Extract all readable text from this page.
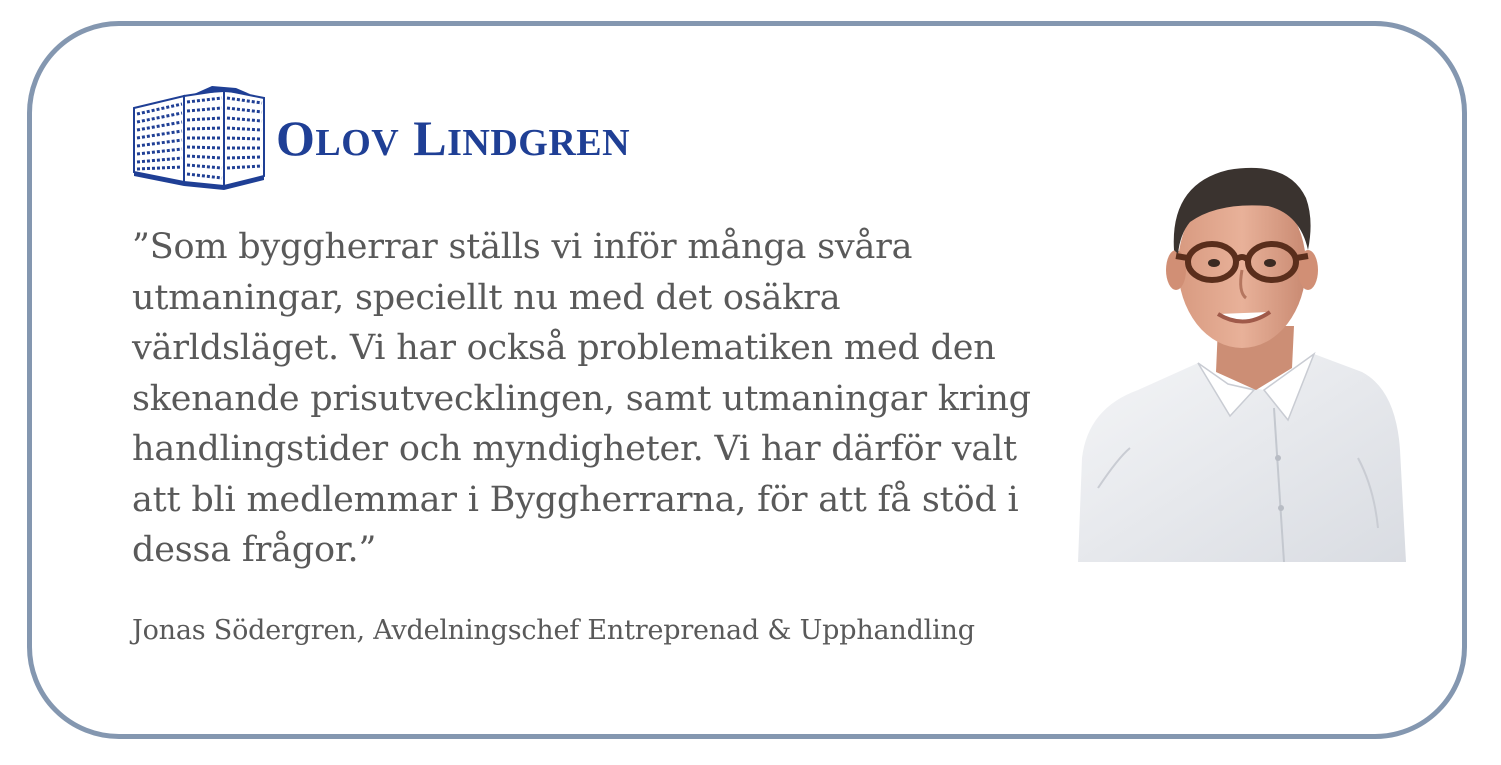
OLOV LINDGREN

”Som byggherrar ställs vi inför många svåra
utmaningar, speciellt nu med det osäkra
världsläget. Vi har också problematiken med den
skenande prisutvecklingen, samt utmaningar kring
handlingstider och myndigheter. Vi har därför valt
att bli medlemmar i Byggherrarna, för att få stöd i
dessa frågor.”

Jonas Södergren, Avdelningschef Entreprenad & Upphandling
